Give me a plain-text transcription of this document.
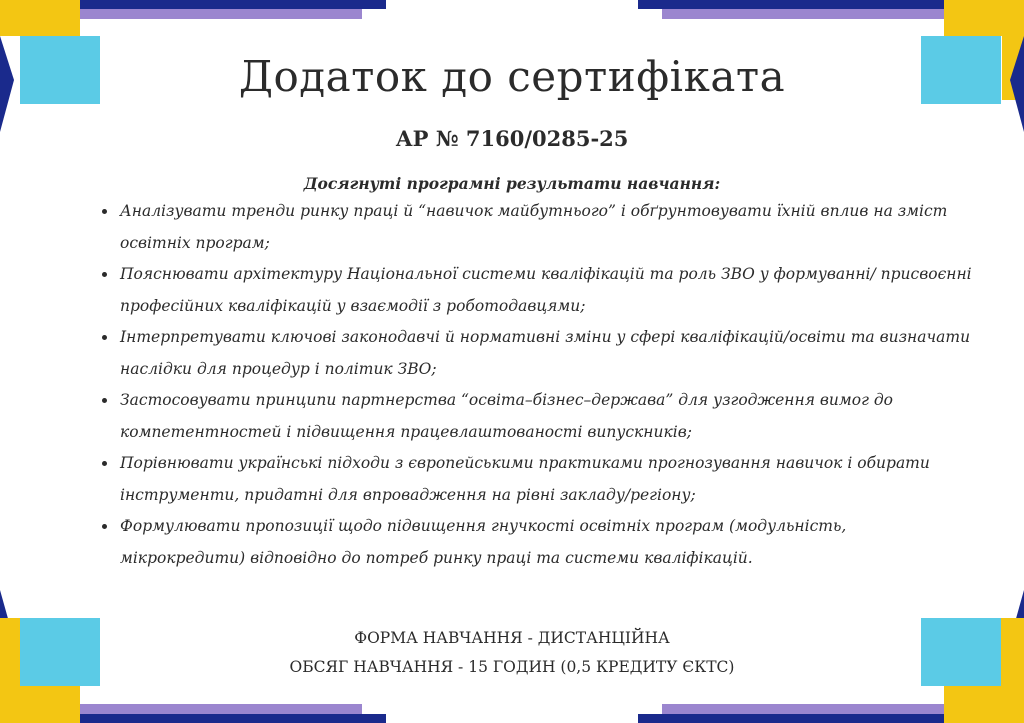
Додаток до сертифіката
АР № 7160/0285-25
Досягнуті програмні результати навчання:
• Аналізувати тренди ринку праці й “навичок майбутнього” і обґрунтовувати їхній вплив на зміст освітніх програм;
• Пояснювати архітектуру Національної системи кваліфікацій та роль ЗВО у формуванні/ присвоєнні професійних кваліфікацій у взаємодії з роботодавцями;
• Інтерпретувати ключові законодавчі й нормативні зміни у сфері кваліфікацій/освіти та визначати наслідки для процедур і політик ЗВО;
• Застосовувати принципи партнерства “освіта–бізнес–держава” для узгодження вимог до компетентностей і підвищення працевлаштованості випускників;
• Порівнювати українські підходи з європейськими практиками прогнозування навичок і обирати інструменти, придатні для впровадження на рівні закладу/регіону;
• Формулювати пропозиції щодо підвищення гнучкості освітніх програм (модульність, мікрокредити) відповідно до потреб ринку праці та системи кваліфікацій.
ФОРМА НАВЧАННЯ - ДИСТАНЦІЙНА
ОБСЯГ НАВЧАННЯ - 15 ГОДИН (0,5 КРЕДИТУ ЄКТС)
